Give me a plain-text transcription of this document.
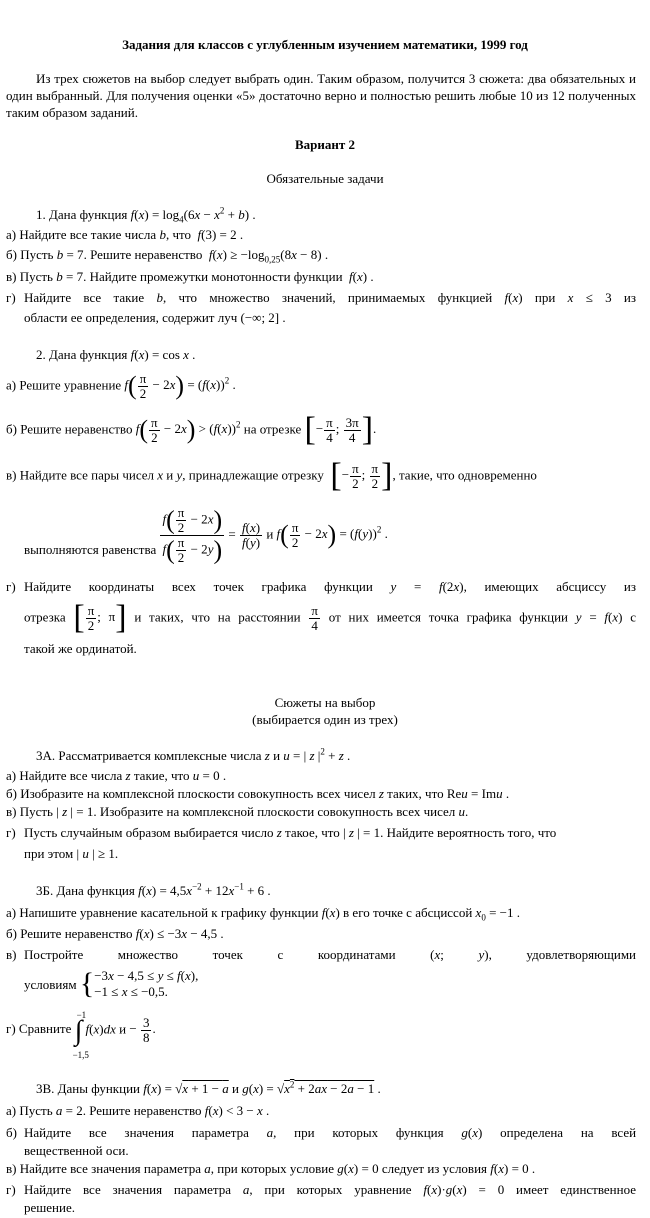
Задания для классов с углубленным изучением математики, 1999 год
Из трех сюжетов на выбор следует выбрать один. Таким образом, получится 3 сюжета: два обязательных и один выбранный. Для получения оценки «5» достаточно верно и полностью решить любые 10 из 12 полученных таким образом заданий.
Вариант 2
Обязательные задачи
1. Дана функция $f(x) = \log_4(6x - x^2 + b)$ .
а) Найдите все такие числа b, что f(3) = 2 .
б) Пусть b = 7. Решите неравенство $f(x) \ge -\log_{0,25}(8x - 8)$ .
в) Пусть b = 7. Найдите промежутки монотонности функции f(x) .
г) Найдите все такие b, что множество значений, принимаемых функцией f(x) при x ≤ 3 из
области ее определения, содержит луч (−∞; 2] .
2. Дана функция f(x) = cos x .
а) Решите уравнение $f( \frac{\pi}{2} - 2x) = (f(x))^2$ .
б) Решите неравенство $f( \frac{\pi}{2} - 2x) > (f(x))^2$ на отрезке [− $\frac{\pi}{4}$ ; $\frac{3\pi}{4}$ ].
в) Найдите все пары чисел x и y, принадлежащие отрезку [− $\frac{\pi}{2}$ ; $\frac{\pi}{2}$ ], такие, что одновременно
выполняются равенства $\frac{f( \frac{\pi}{2} - 2x)}{f( \frac{\pi}{2} - 2y)} = \frac{f(x)}{f(y)}$ и $f( \frac{\pi}{2} - 2x) = (f(y))^2$ .
г) Найдите координаты всех точек графика функции y = f(2x), имеющих абсциссу из
отрезка [ $\frac{\pi}{2}$ ; π] и таких, что на расстоянии $\frac{\pi}{4}$ от них имеется точка графика функции y = f(x) с
такой же ординатой.
Сюжеты на выбор
(выбирается один из трех)
3А. Рассматривается комплексные числа z и u = | z $|^2 + z$ .
а) Найдите все числа z такие, что u = 0 .
б) Изобразите на комплексной плоскости совокупность всех чисел z таких, что Reu = Imu .
в) Пусть | z | = 1. Изобразите на комплексной плоскости совокупность всех чисел u.
г) Пусть случайным образом выбирается число z такое, что | z | = 1. Найдите вероятность того, что
при этом | u | ≥ 1.
3Б. Дана функция $f(x) = 4,5x^{-2} + 12x^{-1} + 6$ .
а) Напишите уравнение касательной к графику функции f(x) в его точке с абсциссой $x_0 = -1$ .
б) Решите неравенство f(x) ≤ −3x − 4,5 .
в) Постройте множество точек с координатами	(x; y), удовлетворяющими
условиям {−3x − 4,5 ≤ y ≤ f(x),
−1 ≤ x ≤ −0,5.
г) Сравните
−1
∫
−1,5
f(x)dx $и - \frac{3}{8}$ .
3В. Даны функции f(x) = √x + 1 − a и $g(x) = √x^2 + 2ax - 2a - 1$ .
а) Пусть a = 2. Решите неравенство f(x) < 3 − x .
б) Найдите все значения параметра a, при которых функция g(x) определена на всей
вещественной оси.
в) Найдите все значения параметра a, при которых условие g(x) = 0 следует из условия f(x) = 0 .
г) Найдите все значения параметра a, при которых уравнение f(x)·g(x) = 0 имеет единственное
решение.
